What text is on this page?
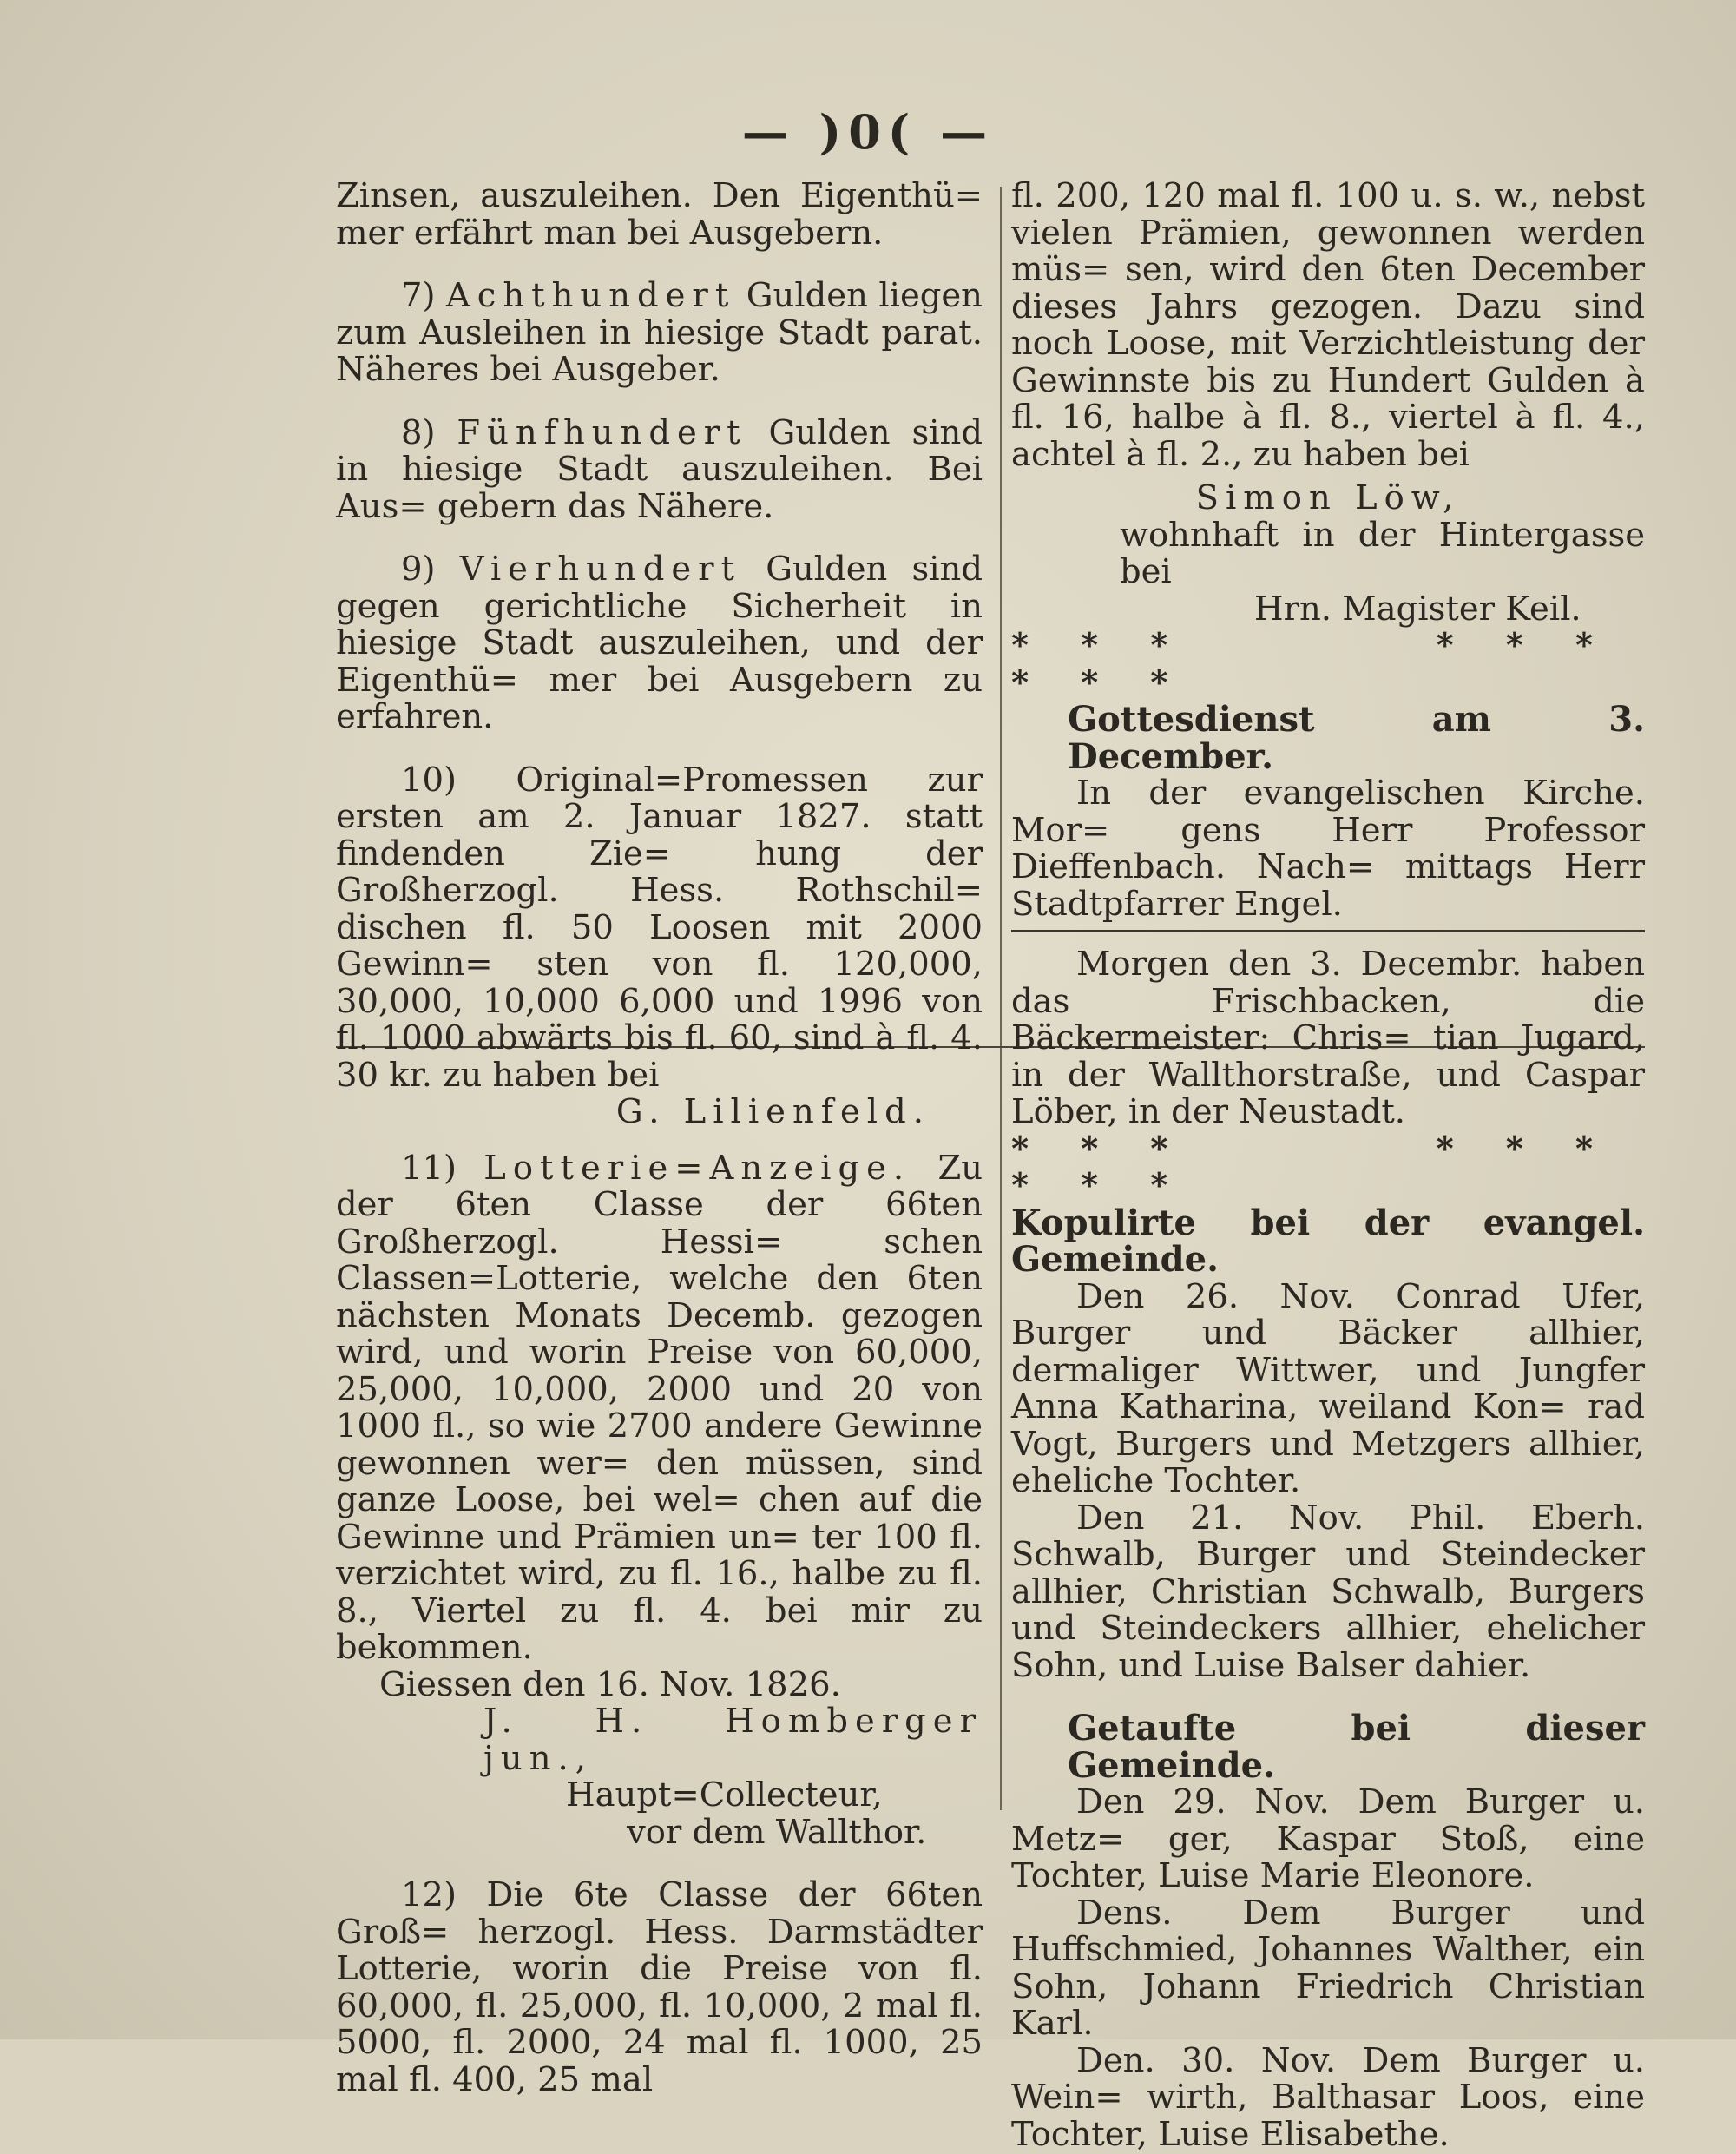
— )0( —

Zinsen, auszuleihen. Den Eigenthü= mer erfährt man bei Ausgebern.

7) Achthundert Gulden liegen zum Ausleihen in hiesige Stadt parat. Näheres bei Ausgeber.

8) Fünfhundert Gulden sind in hiesige Stadt auszuleihen. Bei Aus= gebern das Nähere.

9) Vierhundert Gulden sind gegen gerichtliche Sicherheit in hiesige Stadt auszuleihen, und der Eigenthü= mer bei Ausgebern zu erfahren.

10) Original=Promessen zur ersten am 2. Januar 1827. statt findenden Zie= hung der Großherzogl. Hess. Rothschil= dischen fl. 50 Loosen mit 2000 Gewinn= sten von fl. 120,000, 30,000, 10,000 6,000 und 1996 von fl. 1000 abwärts bis fl. 60, sind à fl. 4. 30 kr. zu haben bei

G. Lilienfeld.

11) Lotterie=Anzeige. Zu der 6ten Classe der 66ten Großherzogl. Hessi= schen Classen=Lotterie, welche den 6ten nächsten Monats Decemb. gezogen wird, und worin Preise von 60,000, 25,000, 10,000, 2000 und 20 von 1000 fl., so wie 2700 andere Gewinne gewonnen wer= den müssen, sind ganze Loose, bei wel= chen auf die Gewinne und Prämien un= ter 100 fl. verzichtet wird, zu fl. 16., halbe zu fl. 8., Viertel zu fl. 4. bei mir zu bekommen.

Giessen den 16. Nov. 1826.

J. H. Homberger jun.,

Haupt=Collecteur,

vor dem Wallthor.

12) Die 6te Classe der 66ten Groß= herzogl. Hess. Darmstädter Lotterie, worin die Preise von fl. 60,000, fl. 25,000, fl. 10,000, 2 mal fl. 5000, fl. 2000, 24 mal fl. 1000, 25 mal fl. 400, 25 mal

fl. 200, 120 mal fl. 100 u. s. w., nebst vielen Prämien, gewonnen werden müs= sen, wird den 6ten December dieses Jahrs gezogen. Dazu sind noch Loose, mit Verzichtleistung der Gewinnste bis zu Hundert Gulden à fl. 16, halbe à fl. 8., viertel à fl. 4., achtel à fl. 2., zu haben bei

Simon Löw,

wohnhaft in der Hintergasse bei

Hrn. Magister Keil.

*** *** ***

Gottesdienst am 3. December.

In der evangelischen Kirche. Mor= gens Herr Professor Dieffenbach. Nach= mittags Herr Stadtpfarrer Engel.

Morgen den 3. Decembr. haben das Frischbacken, die Bäckermeister: Chris= tian Jugard, in der Wallthorstraße, und Caspar Löber, in der Neustadt.

*** *** ***

Kopulirte bei der evangel. Gemeinde.

Den 26. Nov. Conrad Ufer, Burger und Bäcker allhier, dermaliger Wittwer, und Jungfer Anna Katharina, weiland Kon= rad Vogt, Burgers und Metzgers allhier, eheliche Tochter.

Den 21. Nov. Phil. Eberh. Schwalb, Burger und Steindecker allhier, Christian Schwalb, Burgers und Steindeckers allhier, ehelicher Sohn, und Luise Balser dahier.

Getaufte bei dieser Gemeinde.

Den 29. Nov. Dem Burger u. Metz= ger, Kaspar Stoß, eine Tochter, Luise Marie Eleonore.

Dens. Dem Burger und Huffschmied, Johannes Walther, ein Sohn, Johann Friedrich Christian Karl.

Den. 30. Nov. Dem Burger u. Wein= wirth, Balthasar Loos, eine Tochter, Luise Elisabethe.
